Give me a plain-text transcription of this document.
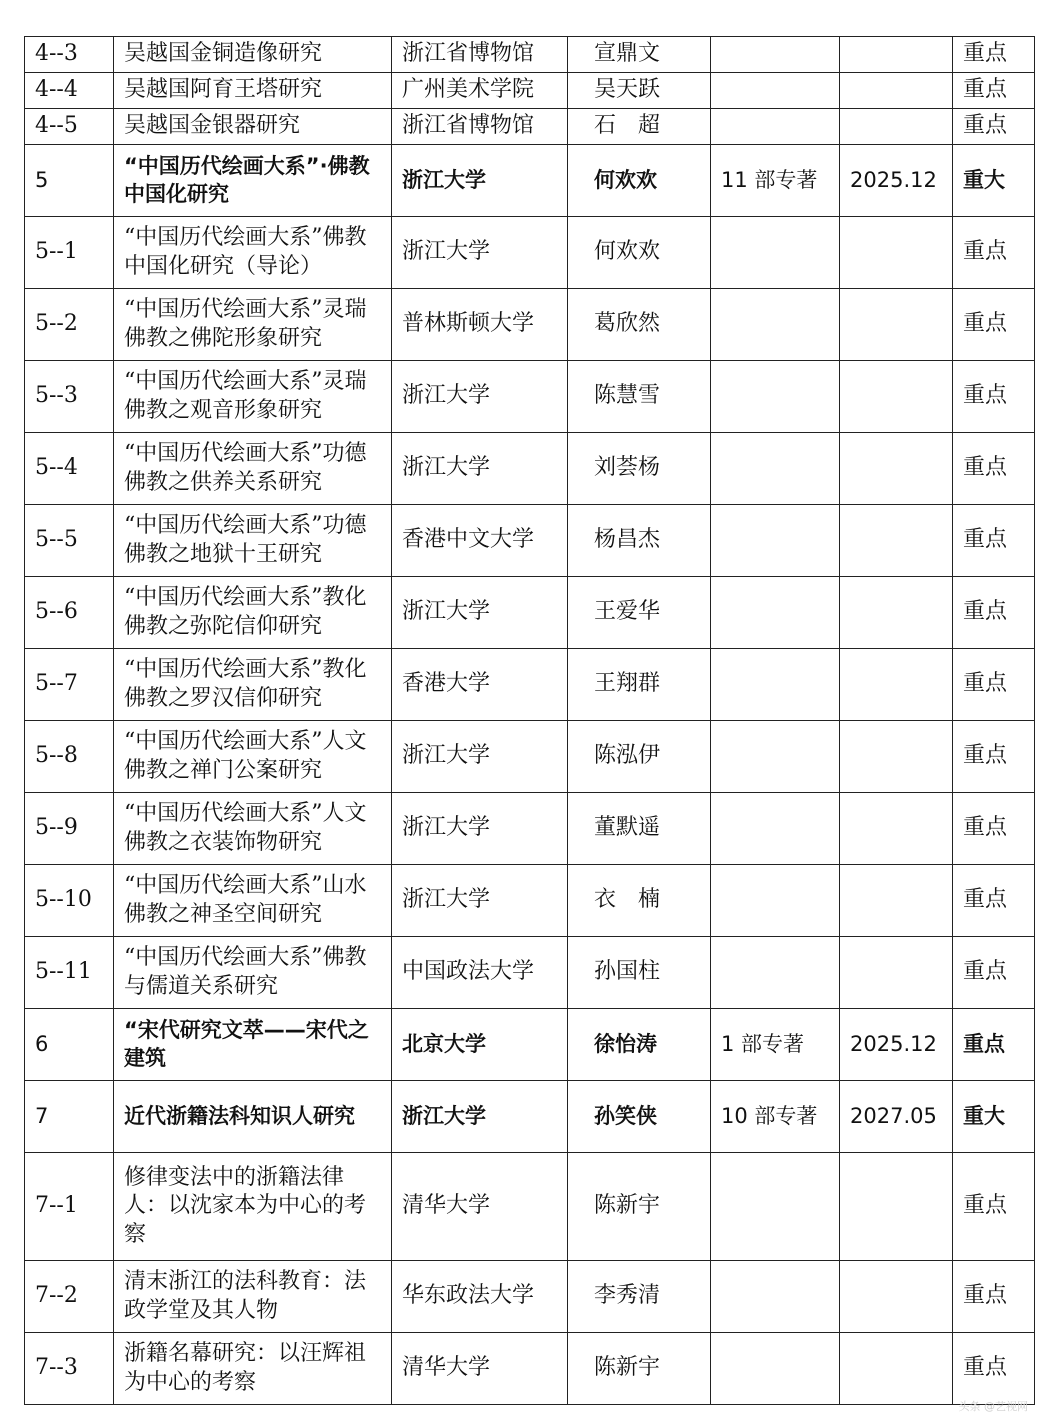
4--3	吴越国金铜造像研究	浙江省博物馆	宣鼎文			重点
4--4	吴越国阿育王塔研究	广州美术学院	吴天跃			重点
4--5	吴越国金银器研究	浙江省博物馆	石　超			重点
5	“中国历代绘画大系”·佛教中国化研究	浙江大学	何欢欢	11 部专著	2025.12	重大
5--1	“中国历代绘画大系”佛教中国化研究（导论）	浙江大学	何欢欢			重点
5--2	“中国历代绘画大系”灵瑞佛教之佛陀形象研究	普林斯顿大学	葛欣然			重点
5--3	“中国历代绘画大系”灵瑞佛教之观音形象研究	浙江大学	陈慧雪			重点
5--4	“中国历代绘画大系”功德佛教之供养关系研究	浙江大学	刘荟杨			重点
5--5	“中国历代绘画大系”功德佛教之地狱十王研究	香港中文大学	杨昌杰			重点
5--6	“中国历代绘画大系”教化佛教之弥陀信仰研究	浙江大学	王爱华			重点
5--7	“中国历代绘画大系”教化佛教之罗汉信仰研究	香港大学	王翔群			重点
5--8	“中国历代绘画大系”人文佛教之禅门公案研究	浙江大学	陈泓伊			重点
5--9	“中国历代绘画大系”人文佛教之衣装饰物研究	浙江大学	董默遥			重点
5--10	“中国历代绘画大系”山水佛教之神圣空间研究	浙江大学	衣　楠			重点
5--11	“中国历代绘画大系”佛教与儒道关系研究	中国政法大学	孙国柱			重点
6	“宋代研究文萃——宋代之建筑	北京大学	徐怡涛	1 部专著	2025.12	重点
7	近代浙籍法科知识人研究	浙江大学	孙笑侠	10 部专著	2027.05	重大
7--1	修律变法中的浙籍法律人：以沈家本为中心的考察	清华大学	陈新宇			重点
7--2	清末浙江的法科教育：法政学堂及其人物	华东政法大学	李秀清			重点
7--3	浙籍名幕研究：以汪辉祖为中心的考察	清华大学	陈新宇			重点
头条 @艺视网
